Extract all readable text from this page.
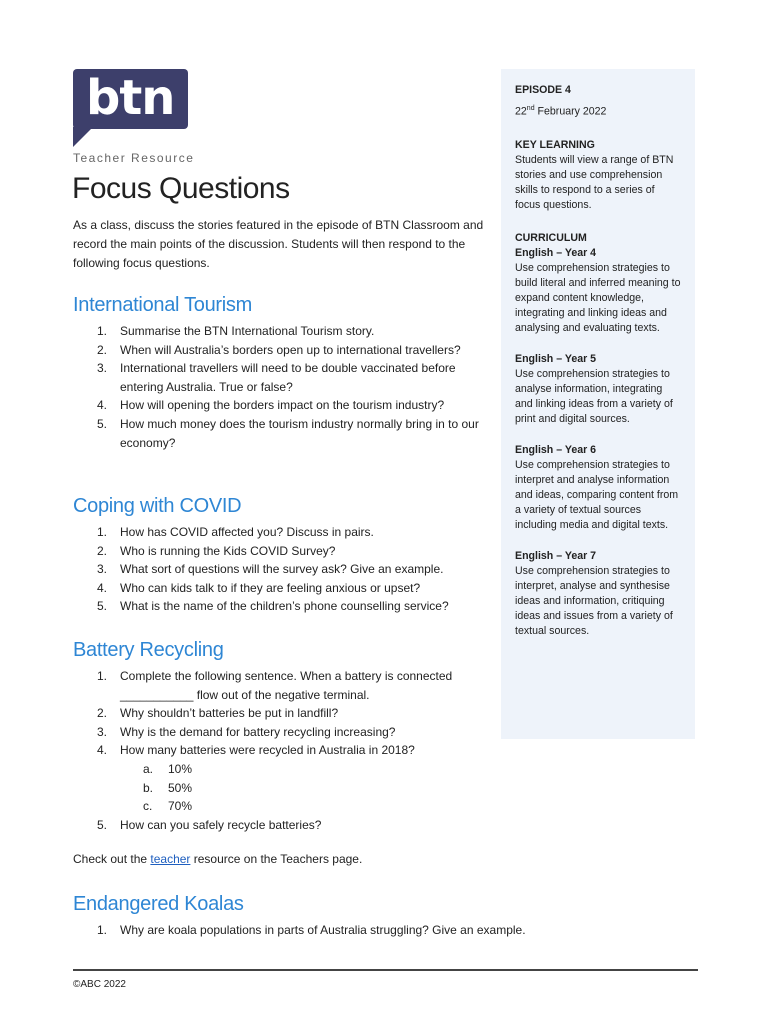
btn
Teacher Resource
Focus Questions

As a class, discuss the stories featured in the episode of BTN Classroom and record the main points of the discussion. Students will then respond to the following focus questions.

International Tourism
1. Summarise the BTN International Tourism story.
2. When will Australia’s borders open up to international travellers?
3. International travellers will need to be double vaccinated before entering Australia. True or false?
4. How will opening the borders impact on the tourism industry?
5. How much money does the tourism industry normally bring in to our economy?
Coping with COVID
1. How has COVID affected you? Discuss in pairs.
2. Who is running the Kids COVID Survey?
3. What sort of questions will the survey ask? Give an example.
4. Who can kids talk to if they are feeling anxious or upset?
5. What is the name of the children’s phone counselling service?
Battery Recycling
1. Complete the following sentence. When a battery is connected ___________ flow out of the negative terminal.
2. Why shouldn’t batteries be put in landfill?
3. Why is the demand for battery recycling increasing?
4. How many batteries were recycled in Australia in 2018?
a. 10%
b. 50%
c. 70%
5. How can you safely recycle batteries?
Check out the teacher resource on the Teachers page.
Endangered Koalas
1. Why are koala populations in parts of Australia struggling? Give an example.
EPISODE 4
22nd February 2022
KEY LEARNING
Students will view a range of BTN stories and use comprehension skills to respond to a series of focus questions.
CURRICULUM
English – Year 4
Use comprehension strategies to build literal and inferred meaning to expand content knowledge, integrating and linking ideas and analysing and evaluating texts.
English – Year 5
Use comprehension strategies to analyse information, integrating and linking ideas from a variety of print and digital sources.
English – Year 6
Use comprehension strategies to interpret and analyse information and ideas, comparing content from a variety of textual sources including media and digital texts.
English – Year 7
Use comprehension strategies to interpret, analyse and synthesise ideas and information, critiquing ideas and issues from a variety of textual sources.
©ABC 2022
